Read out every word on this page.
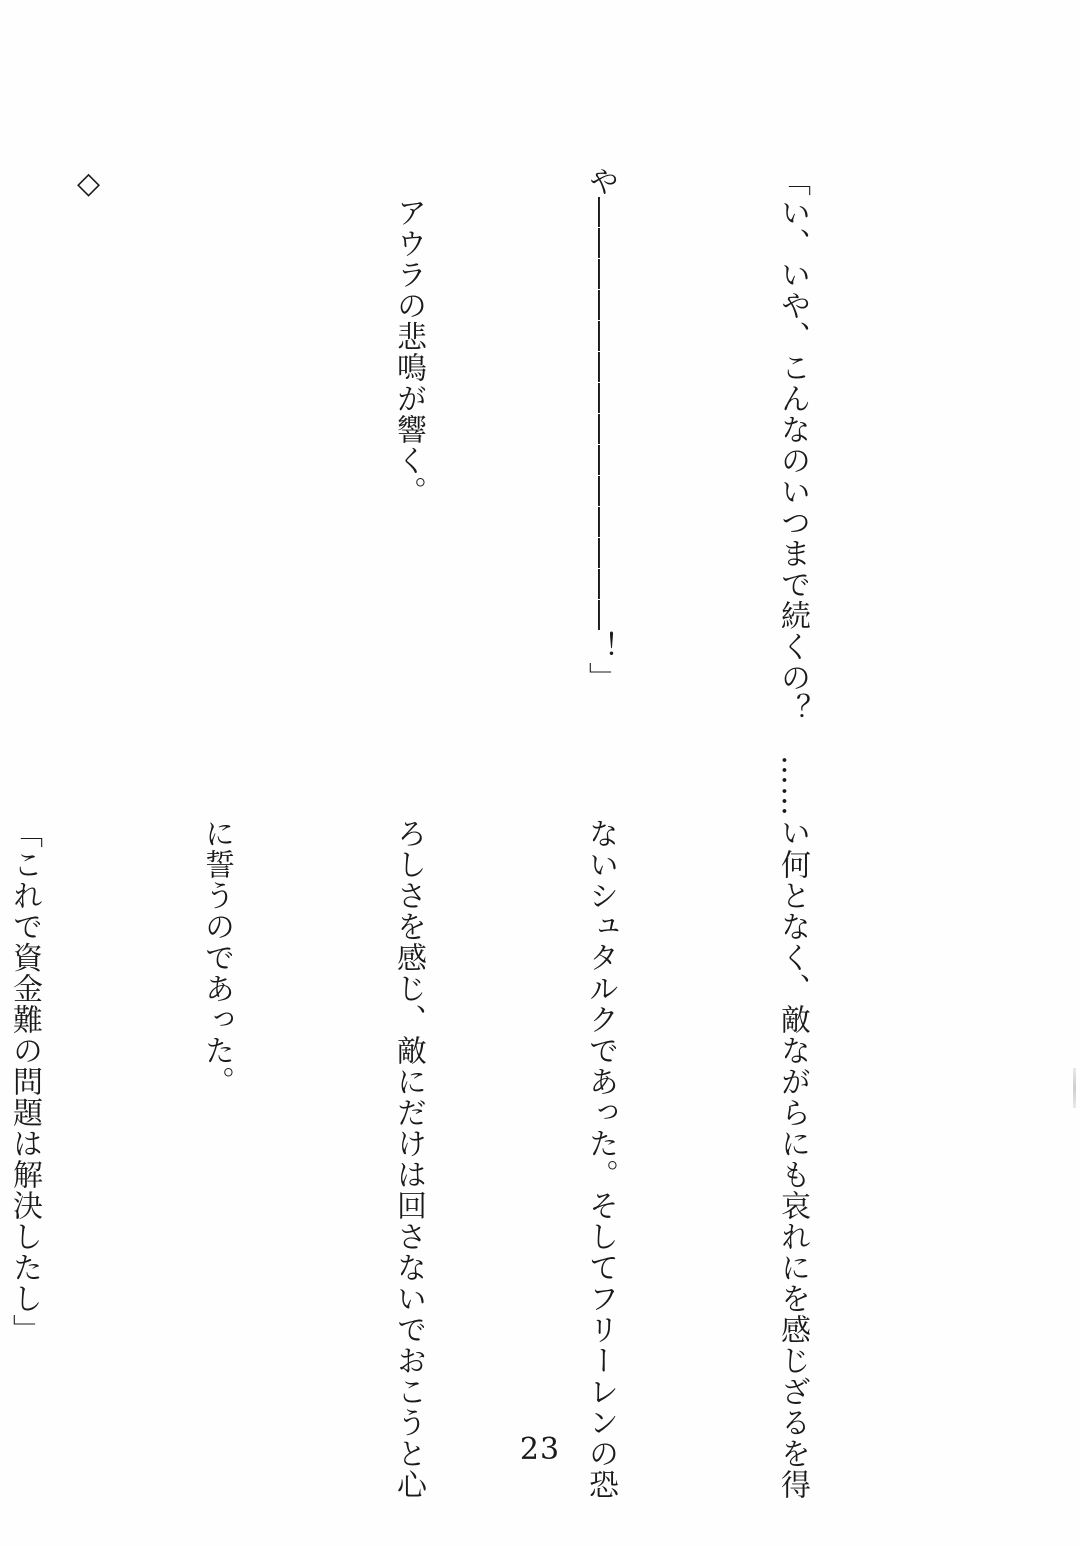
「い、いや、こんなのいつまで続くの？　……い

や――――――――――――――！」

　アウラの悲鳴が響く。

◇

　何となく、敵ながらにも哀れにを感じざるを得

ないシュタルクであった。そしてフリーレンの恐

ろしさを感じ、敵にだけは回さないでおこうと心

に誓うのであった。

「これで資金難の問題は解決したし」

23
